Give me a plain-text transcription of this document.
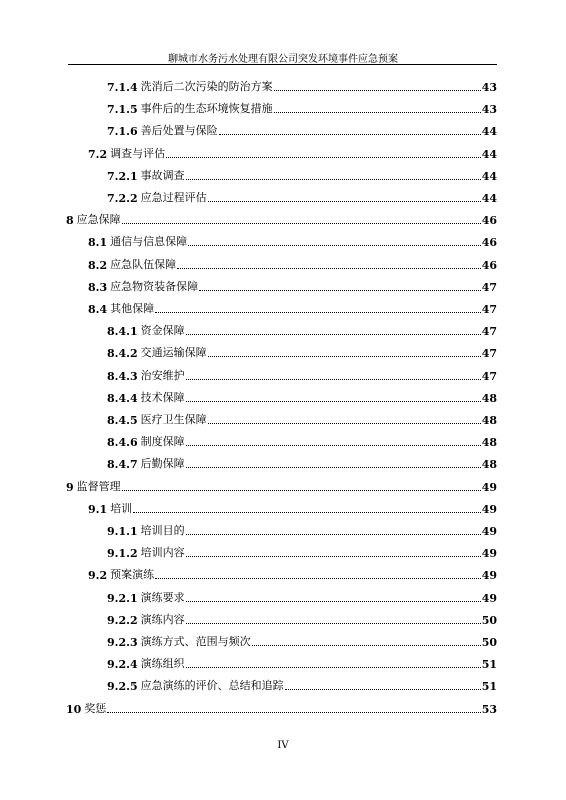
聊城市水务污水处理有限公司突发环境事件应急预案
7.1.4 洗消后二次污染的防治方案	43
7.1.5 事件后的生态环境恢复措施	43
7.1.6 善后处置与保险	44
7.2 调查与评估	44
7.2.1 事故调查	44
7.2.2 应急过程评估	44
8 应急保障	46
8.1 通信与信息保障	46
8.2 应急队伍保障	46
8.3 应急物资装备保障	47
8.4 其他保障	47
8.4.1 资金保障	47
8.4.2 交通运输保障	47
8.4.3 治安维护	47
8.4.4 技术保障	48
8.4.5 医疗卫生保障	48
8.4.6 制度保障	48
8.4.7 后勤保障	48
9 监督管理	49
9.1 培训	49
9.1.1 培训目的	49
9.1.2 培训内容	49
9.2 预案演练	49
9.2.1 演练要求	49
9.2.2 演练内容	50
9.2.3 演练方式、范围与频次	50
9.2.4 演练组织	51
9.2.5 应急演练的评价、总结和追踪	51
10 奖惩	53
IV
